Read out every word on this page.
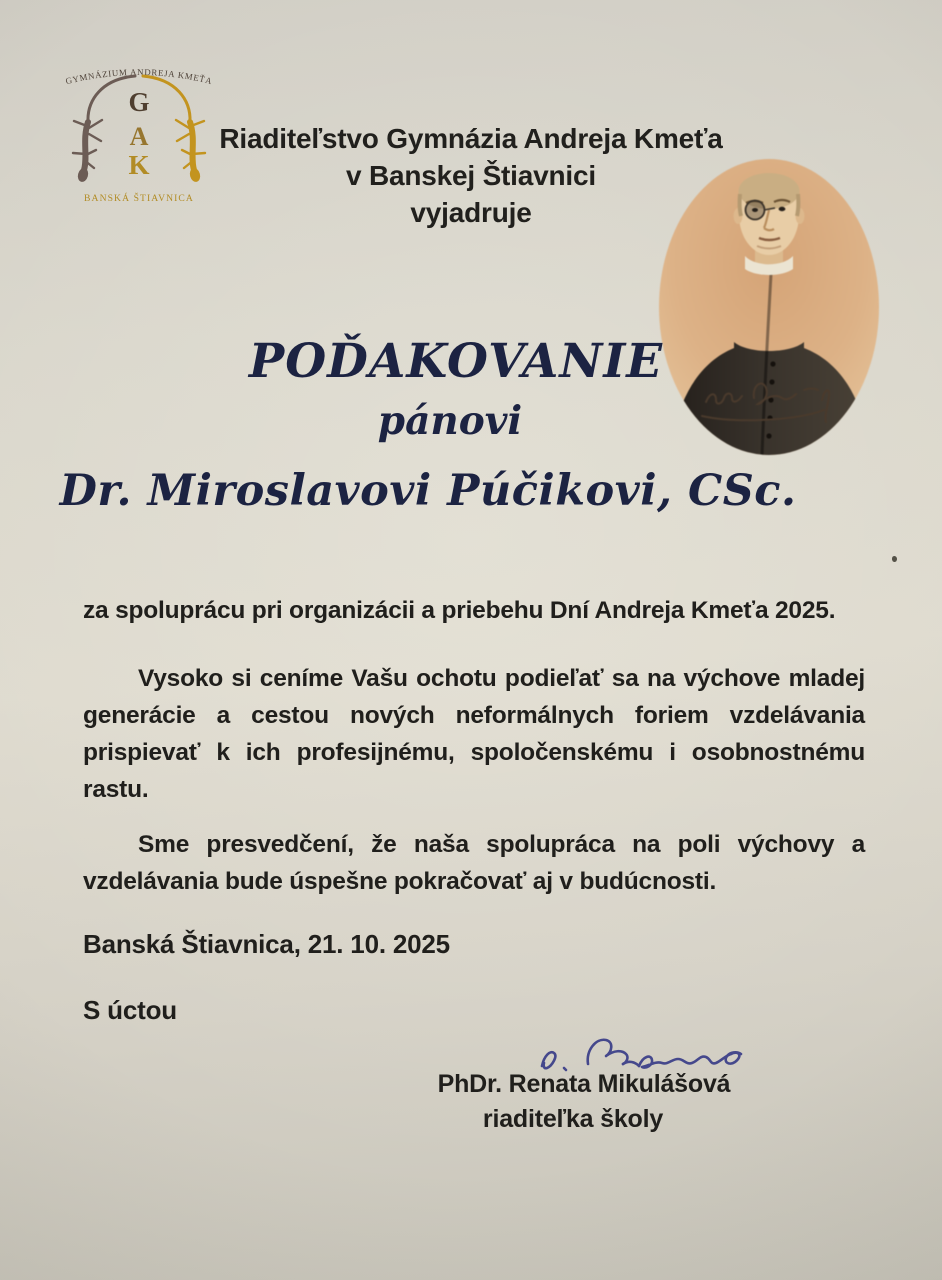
GYMNÁZIUM ANDREJA KMEŤA
G
A
K
BANSKÁ ŠTIAVNICA
Riaditeľstvo Gymnázia Andreja Kmeťa
v Banskej Štiavnici
vyjadruje
POĎAKOVANIE
pánovi
Dr. Miroslavovi Púčikovi, CSc.
za spoluprácu pri organizácii a priebehu Dní Andreja Kmeťa 2025.
Vysoko si ceníme Vašu ochotu podieľať sa na výchove mladej generácie a cestou nových neformálnych foriem vzdelávania prispievať k ich profesijnému, spoločenskému i osobnostnému rastu.
Sme presvedčení, že naša spolupráca na poli výchovy a vzdelávania bude úspešne pokračovať aj v budúcnosti.
Banská Štiavnica, 21. 10. 2025
S úctou
PhDr. Renata Mikulášová
riaditeľka školy
